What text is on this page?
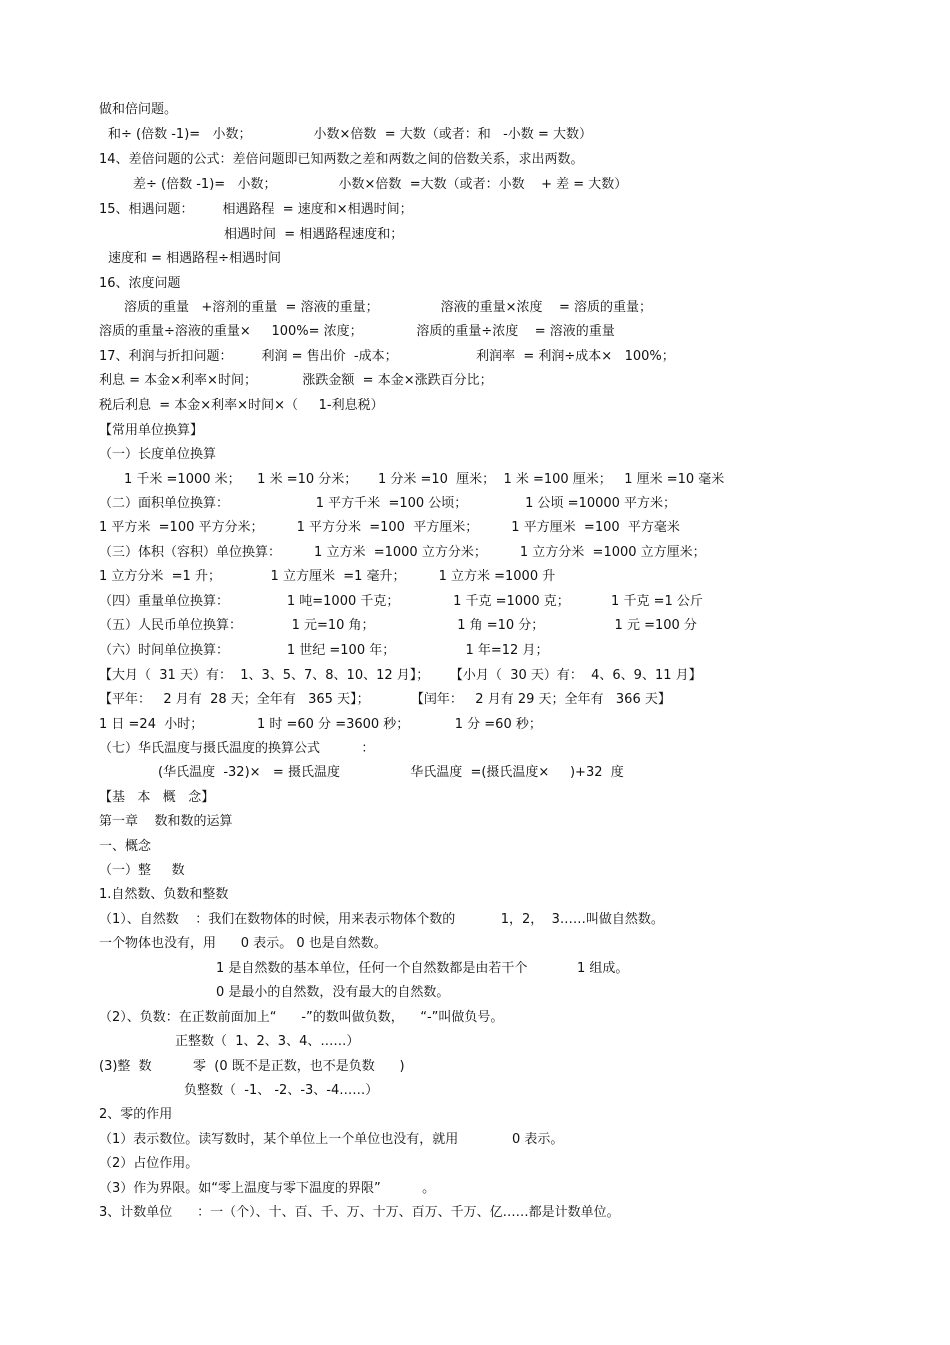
做和倍问题。
和÷ (倍数 -1)=   小数；               小数×倍数  = 大数（或者：和   -小数 = 大数）
14、差倍问题的公式：差倍问题即已知两数之差和两数之间的倍数关系，求出两数。
差÷ (倍数 -1)=   小数；               小数×倍数  =大数（或者：小数    + 差 = 大数）
15、相遇问题：       相遇路程  = 速度和×相遇时间；
相遇时间  = 相遇路程速度和；
速度和 = 相遇路程÷相遇时间
16、浓度问题
溶质的重量   +溶剂的重量  = 溶液的重量；               溶液的重量×浓度    = 溶质的重量；
溶质的重量÷溶液的重量×     100%= 浓度；             溶质的重量÷浓度    = 溶液的重量
17、利润与折扣问题：       利润 = 售出价  -成本；                   利润率  = 利润÷成本×   100%；
利息 = 本金×利率×时间；           涨跌金额  = 本金×涨跌百分比；
税后利息  = 本金×利率×时间×（     1-利息税）
【常用单位换算】
（一）长度单位换算
1 千米 =1000 米；    1 米 =10 分米；     1 分米 =10  厘米；  1 米 =100 厘米；   1 厘米 =10 毫米
（二）面积单位换算：                     1 平方千米  =100 公顷；              1 公顷 =10000 平方米；
1 平方米  =100 平方分米；        1 平方分米  =100  平方厘米；        1 平方厘米  =100  平方毫米
（三）体积（容积）单位换算：        1 立方米  =1000 立方分米；        1 立方分米  =1000 立方厘米；
1 立方分米  =1 升；            1 立方厘米  =1 毫升；        1 立方米 =1000 升
（四）重量单位换算：              1 吨=1000 千克；             1 千克 =1000 克；          1 千克 =1 公斤
（五）人民币单位换算：            1 元=10 角；                    1 角 =10 分；                 1 元 =100 分
（六）时间单位换算：              1 世纪 =100 年；                 1 年=12 月；
【大月（  31 天）有：  1、3、5、7、8、10、12 月】；     【小月（  30 天）有：  4、6、9、11 月】
【平年：   2 月有  28 天；全年有   365 天】；          【闰年：   2 月有 29 天；全年有   366 天】
1 日 =24  小时；             1 时 =60 分 =3600 秒；           1 分 =60 秒；
（七）华氏温度与摄氏温度的换算公式          ：
(华氏温度  -32)×   = 摄氏温度                 华氏温度  =(摄氏温度×     )+32  度
【基   本   概   念】
第一章    数和数的运算
一、概念
（一）整     数
1.自然数、负数和整数
（1）、自然数    ：我们在数物体的时候，用来表示物体个数的           1，2，  3……叫做自然数。
一个物体也没有，用      0 表示。 0 也是自然数。
1 是自然数的基本单位，任何一个自然数都是由若干个            1 组成。
0 是最小的自然数，没有最大的自然数。
（2）、负数：在正数前面加上“      -”的数叫做负数，    “-”叫做负号。
正整数（  1、2、3、4、……）
(3)整  数          零  (0 既不是正数，也不是负数      )
负整数（  -1、 -2、-3、-4……）
2、零的作用
（1）表示数位。读写数时，某个单位上一个单位也没有，就用             0 表示。
（2）占位作用。
（3）作为界限。如“零上温度与零下温度的界限”          。
3、计数单位      ：一（个）、十、百、千、万、十万、百万、千万、亿……都是计数单位。
